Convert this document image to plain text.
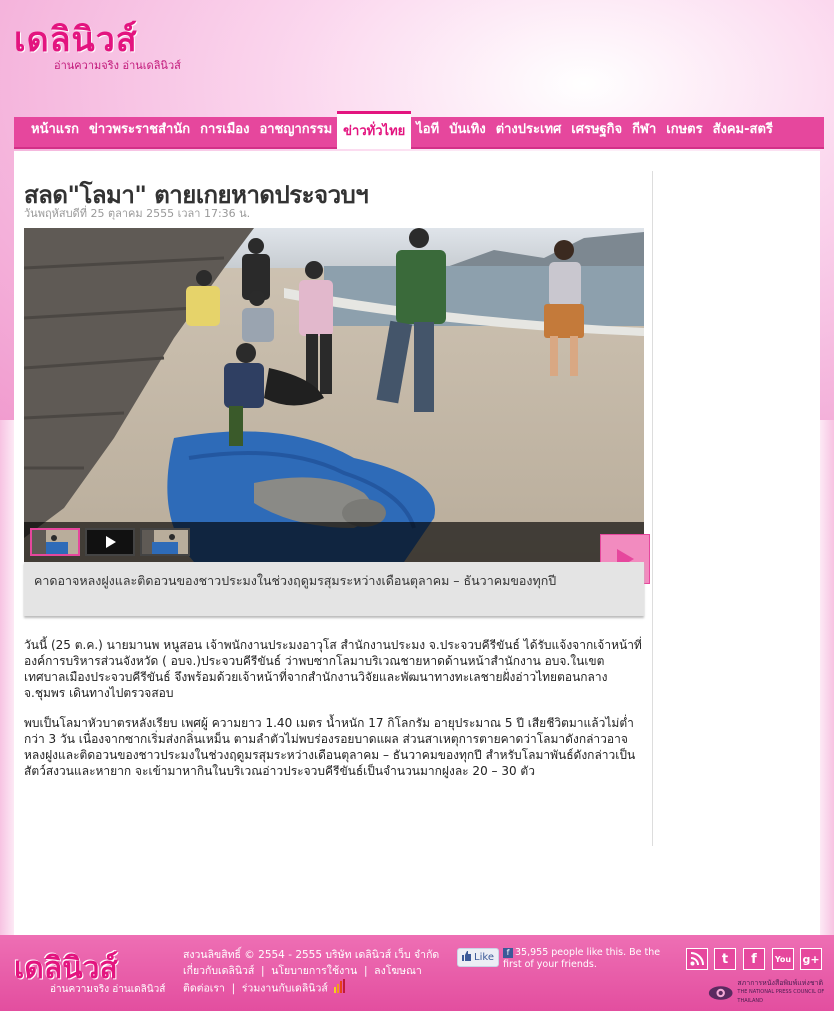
เดลินิวส์
อ่านความจริง อ่านเดลินิวส์
หน้าแรก ข่าวพระราชสำนัก การเมือง อาชญากรรม ข่าวทั่วไทย ไอที บันเทิง ต่างประเทศ เศรษฐกิจ กีฬา เกษตร สังคม-สตรี
สลด"โลมา" ตายเกยหาดประจวบฯ
วันพฤหัสบดีที่ 25 ตุลาคม 2555 เวลา 17:36 น.
คาดอาจหลงฝูงและติดอวนของชาวประมงในช่วงฤดูมรสุมระหว่างเดือนตุลาคม – ธันวาคมของทุกปี

วันนี้ (25 ต.ค.) นายมานพ หนูสอน เจ้าพนักงานประมงอาวุโส สำนักงานประมง จ.ประจวบคีรีขันธ์ ได้รับแจ้งจากเจ้าหน้าที่องค์การบริหารส่วนจังหวัด ( อบจ.)ประจวบคีรีขันธ์ ว่าพบซากโลมาบริเวณชายหาดด้านหน้าสำนักงาน อบจ.ในเขตเทศบาลเมืองประจวบคีรีขันธ์ จึงพร้อมด้วยเจ้าหน้าที่จากสำนักงานวิจัยและพัฒนาทางทะเลชายฝั่งอ่าวไทยตอนกลาง จ.ชุมพร เดินทางไปตรวจสอบ

พบเป็นโลมาหัวบาตรหลังเรียบ เพศผู้ ความยาว 1.40 เมตร น้ำหนัก 17 กิโลกรัม อายุประมาณ 5 ปี เสียชีวิตมาแล้วไม่ต่ำกว่า 3 วัน เนื่องจากซากเริ่มส่งกลิ่นเหม็น ตามลำตัวไม่พบร่องรอยบาดแผล ส่วนสาเหตุการตายคาดว่าโลมาดังกล่าวอาจหลงฝูงและติดอวนของชาวประมงในช่วงฤดูมรสุมระหว่างเดือนตุลาคม – ธันวาคมของทุกปี สำหรับโลมาพันธ์ดังกล่าวเป็นสัตว์สงวนและหายาก จะเข้ามาหากินในบริเวณอ่าวประจวบคีรีขันธ์เป็นจำนวนมากฝูงละ 20 – 30 ตัว

เดลินิวส์
อ่านความจริง อ่านเดลินิวส์
สงวนลิขสิทธิ์ © 2554 - 2555 บริษัท เดลินิวส์ เว็บ จำกัด
เกี่ยวกับเดลินิวส์  |  นโยบายการใช้งาน  |  ลงโฆษณา
ติดต่อเรา  |  ร่วมงานกับเดลินิวส์
Like	f 35,955 people like this. Be the first of your friends.	t	f	You g+
สภาการหนังสือพิมพ์แห่งชาติ
THE NATIONAL PRESS COUNCIL OF THAILAND
